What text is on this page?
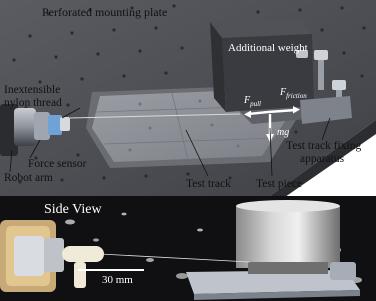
Perforated mounting plate
Additional weight
Inextensible
nylon thread
Force sensor
Robot arm	Test track Test piece
Test track fixing
apparatus
$F_{pull}$
$F_{friction}$
mg
Side View
30 mm
